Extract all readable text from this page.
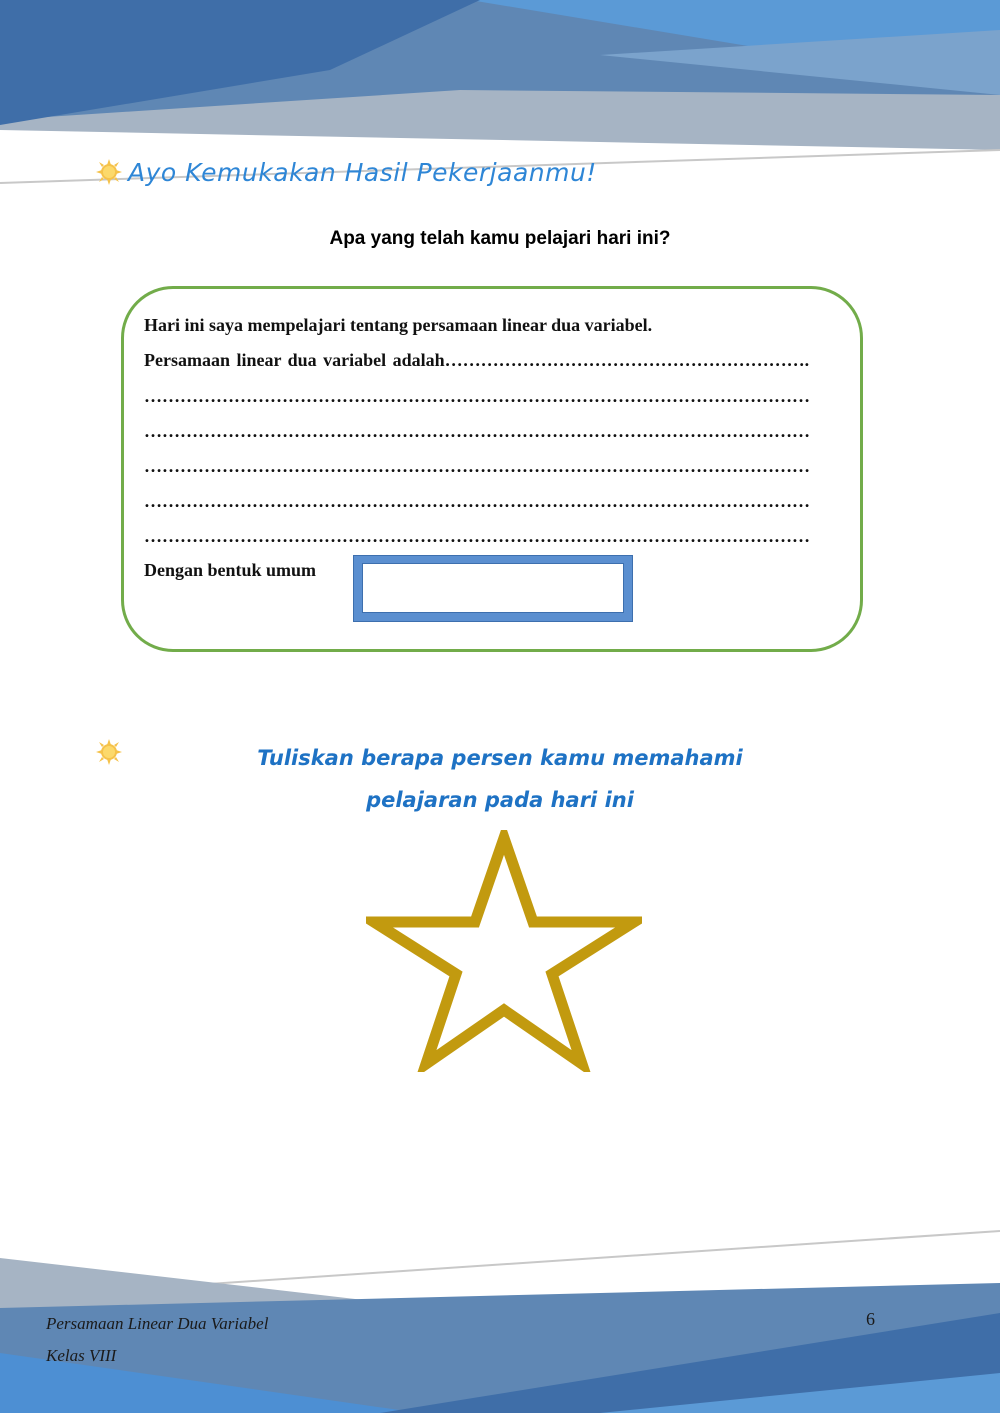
Ayo Kemukakan Hasil Pekerjaanmu!
Apa yang telah kamu pelajari hari ini?
Hari ini saya mempelajari tentang persamaan linear dua variabel.
Persamaan linear dua variabel adalah…………………………………………………….
…………………………………………………………………………………………………
…………………………………………………………………………………………………
…………………………………………………………………………………………………
…………………………………………………………………………………………………
…………………………………………………………………………………………………
Dengan bentuk umum
Tuliskan berapa persen kamu memahami
pelajaran pada hari ini
Persamaan Linear Dua Variabel
Kelas VIII
6
